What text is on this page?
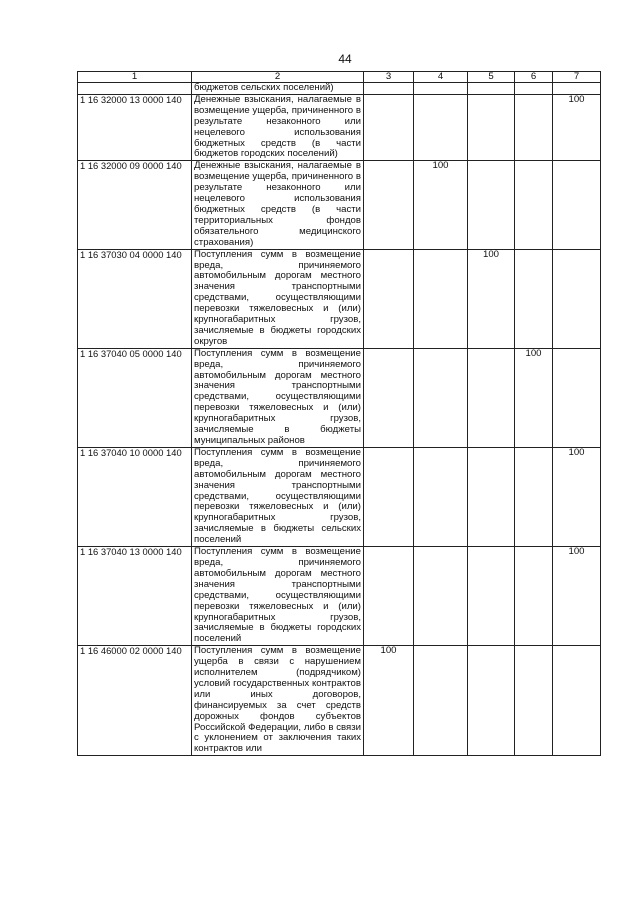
44
1	2	3	4	5	6	7
	бюджетов сельских поселений)					
1 16 32000 13 0000 140	Денежные взыскания, налагаемые в возмещение ущерба, причиненного в результате незаконного или нецелевого использования бюджетных средств (в части бюджетов городских поселений)					100
1 16 32000 09 0000 140	Денежные взыскания, налагаемые в возмещение ущерба, причиненного в результате незаконного или нецелевого использования бюджетных средств (в части территориальных фондов обязательного медицинского страхования)		100			
1 16 37030 04 0000 140	Поступления сумм в возмещение вреда, причиняемого автомобильным дорогам местного значения транспортными средствами, осуществляющими перевозки тяжеловесных и (или) крупногабаритных грузов, зачисляемые в бюджеты городских округов			100		
1 16 37040 05 0000 140	Поступления сумм в возмещение вреда, причиняемого автомобильным дорогам местного значения транспортными средствами, осуществляющими перевозки тяжеловесных и (или) крупногабаритных грузов, зачисляемые в бюджеты муниципальных районов				100	
1 16 37040 10 0000 140	Поступления сумм в возмещение вреда, причиняемого автомобильным дорогам местного значения транспортными средствами, осуществляющими перевозки тяжеловесных и (или) крупногабаритных грузов, зачисляемые в бюджеты сельских поселений					100
1 16 37040 13 0000 140	Поступления сумм в возмещение вреда, причиняемого автомобильным дорогам местного значения транспортными средствами, осуществляющими перевозки тяжеловесных и (или) крупногабаритных грузов, зачисляемые в бюджеты городских поселений					100
1 16 46000 02 0000 140	Поступления сумм в возмещение ущерба в связи с нарушением исполнителем (подрядчиком) условий государственных контрактов или иных договоров, финансируемых за счет средств дорожных фондов субъектов Российской Федерации, либо в связи с уклонением от заключения таких контрактов или	100				
